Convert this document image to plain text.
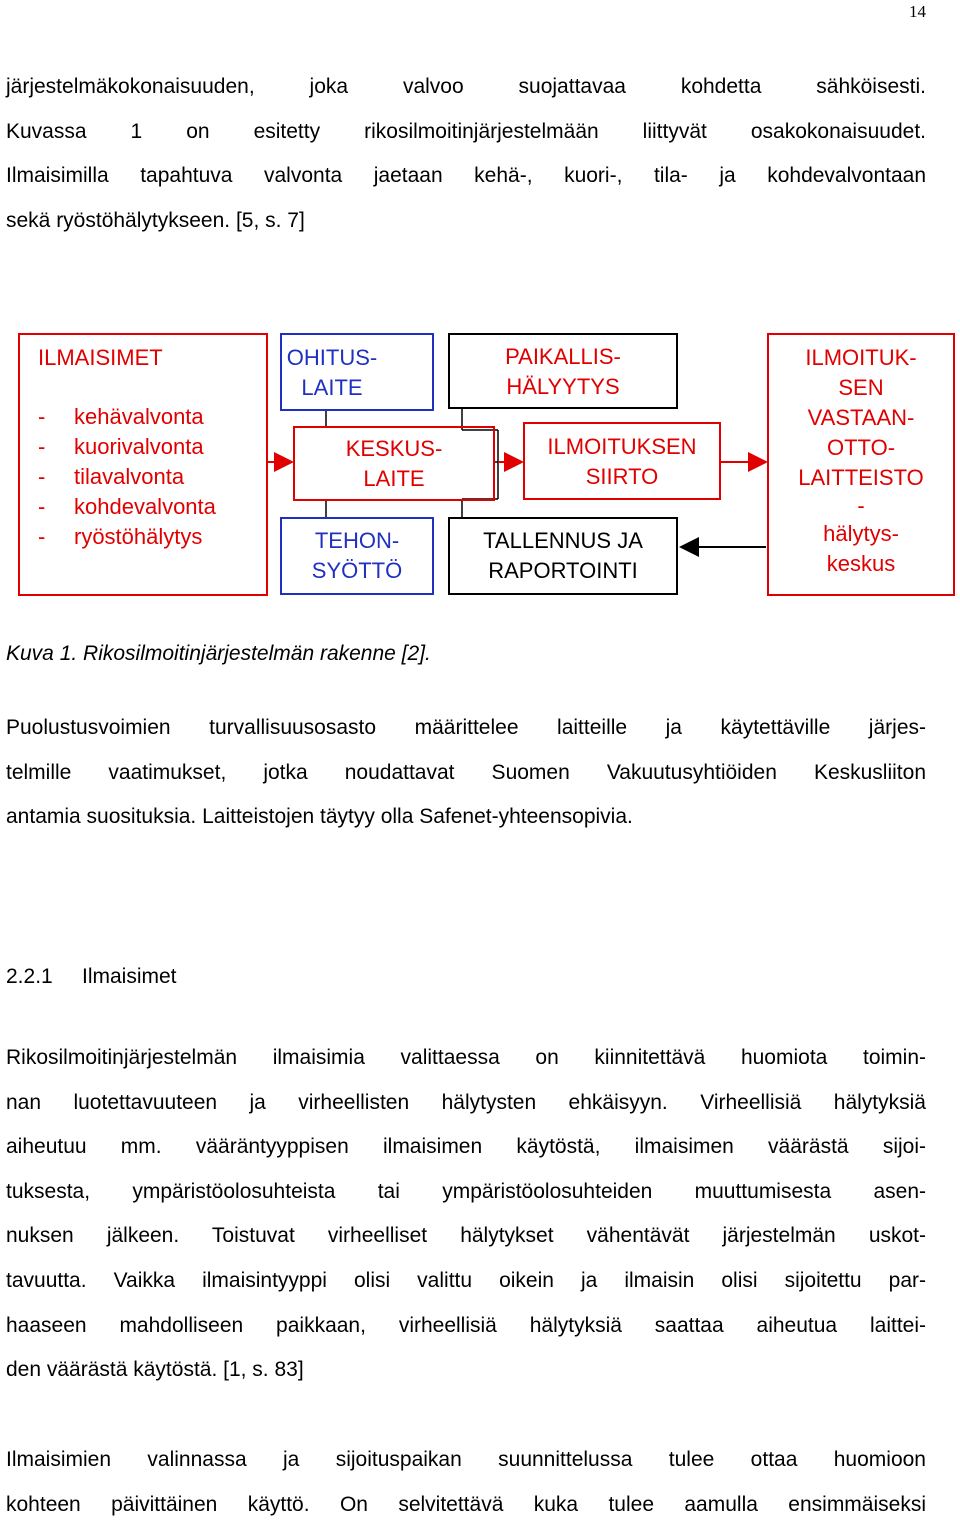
14
järjestelmäkokonaisuuden, joka valvoo suojattavaa kohdetta sähköisesti.
Kuvassa 1 on esitetty rikosilmoitinjärjestelmään liittyvät osakokonaisuudet.
Ilmaisimilla tapahtuva valvonta jaetaan kehä-, kuori-, tila- ja kohdevalvontaan
sekä ryöstöhälytykseen. [5, s. 7]
ILMAISIMET
- kehävalvonta
- kuorivalvonta
- tilavalvonta
- kohdevalvonta
- ryöstöhälytys
OHITUS-
LAITE
KESKUS-
LAITE
TEHON-
SYÖTTÖ
PAIKALLIS-
HÄLYYTYS
ILMOITUKSEN
SIIRTO
TALLENNUS JA
RAPORTOINTI
ILMOITUK-
SEN
VASTAAN-
OTTO-
LAITTEISTO
-
hälytys-
keskus
Kuva 1. Rikosilmoitinjärjestelmän rakenne [2].
Puolustusvoimien turvallisuusosasto määrittelee laitteille ja käytettäville järjes-
telmille vaatimukset, jotka noudattavat Suomen Vakuutusyhtiöiden Keskusliiton
antamia suosituksia. Laitteistojen täytyy olla Safenet-yhteensopivia.
2.2.1 Ilmaisimet
Rikosilmoitinjärjestelmän ilmaisimia valittaessa on kiinnitettävä huomiota toimin-
nan luotettavuuteen ja virheellisten hälytysten ehkäisyyn. Virheellisiä hälytyksiä
aiheutuu mm. vääräntyyppisen ilmaisimen käytöstä, ilmaisimen väärästä sijoi-
tuksesta, ympäristöolosuhteista tai ympäristöolosuhteiden muuttumisesta asen-
nuksen jälkeen. Toistuvat virheelliset hälytykset vähentävät järjestelmän uskot-
tavuutta. Vaikka ilmaisintyyppi olisi valittu oikein ja ilmaisin olisi sijoitettu par-
haaseen mahdolliseen paikkaan, virheellisiä hälytyksiä saattaa aiheutua laittei-
den väärästä käytöstä. [1, s. 83]
Ilmaisimien valinnassa ja sijoituspaikan suunnittelussa tulee ottaa huomioon
kohteen päivittäinen käyttö. On selvitettävä kuka tulee aamulla ensimmäiseksi
